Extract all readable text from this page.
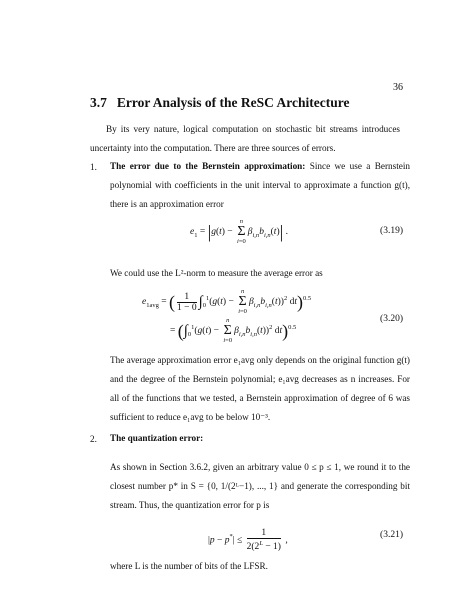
36
3.7 Error Analysis of the ReSC Architecture
By its very nature, logical computation on stochastic bit streams introduces uncertainty into the computation. There are three sources of errors.
1. The error due to the Bernstein approximation: Since we use a Bernstein polynomial with coefficients in the unit interval to approximate a function g(t), there is an approximation error
$e_1 = |g(t)$ −
n
Σ
i=0
$\beta_{i,n}b_{i,n}(t)|$ .	(3.19)
We could use the L²-norm to measure the average error as
$e_{1avg}$ = ( $\frac{1}{1 - 0} \int_0^1(g(t)$ −
n
Σ
i=0
$\beta_{i,n}b_{i,n}(t))^2$ dt)$^{0.5}$
= ($\int_0^1(g(t)$ −
n
Σ
i=0
$\beta_{i,n}b_{i,n}(t))^2$ dt)$^{0.5}$
(3.20)
The average approximation error e₁avg only depends on the original function g(t) and the degree of the Bernstein polynomial; e₁avg decreases as n increases. For all of the functions that we tested, a Bernstein approximation of degree of 6 was sufficient to reduce e₁avg to be below 10⁻³.
2. The quantization error:
As shown in Section 3.6.2, given an arbitrary value 0 ≤ p ≤ 1, we round it to the closest number p* in S = {0, 1/(2ᴸ−1), ..., 1} and generate the corresponding bit stream. Thus, the quantization error for p is
$|p - p^*| \le \frac{1}{2(2^L - 1)}$ ,
(3.21)
where L is the number of bits of the LFSR.
